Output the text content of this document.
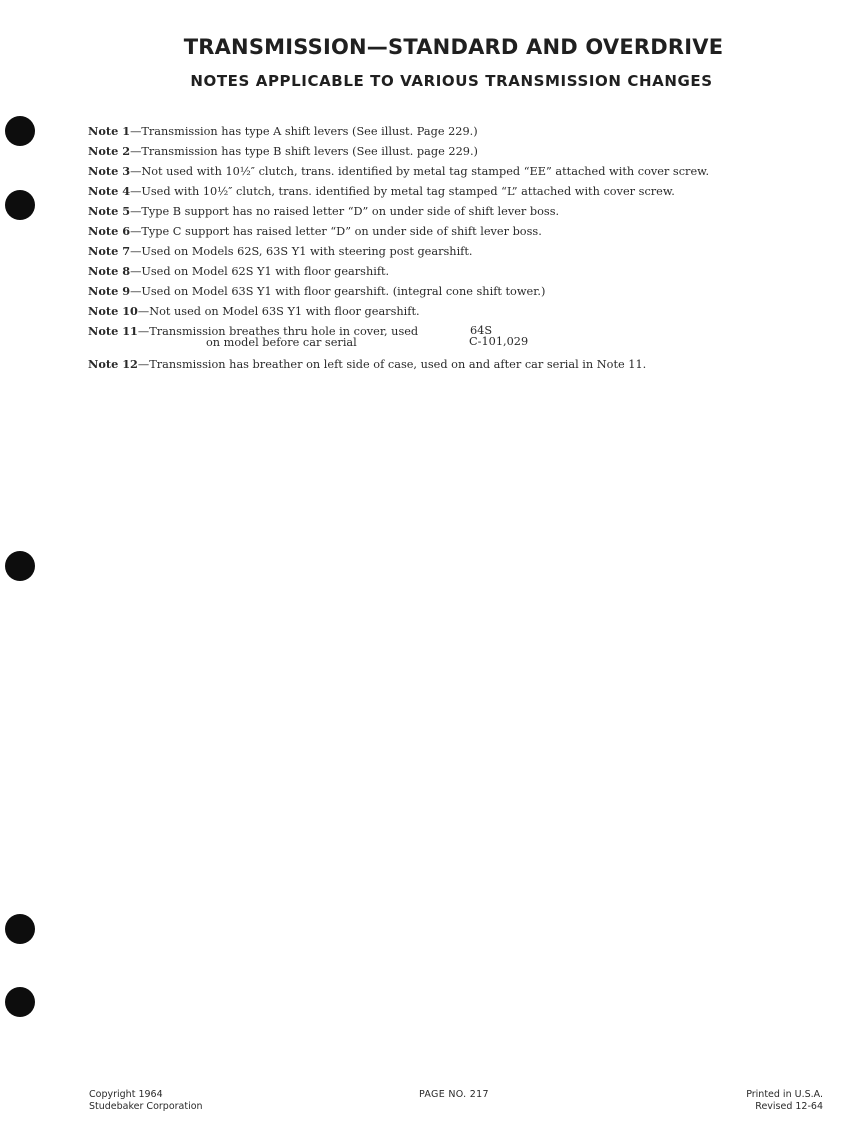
TRANSMISSION—STANDARD AND OVERDRIVE
NOTES APPLICABLE TO VARIOUS TRANSMISSION CHANGES
Note 1—Transmission has type A shift levers (See illust. Page 229.)
Note 2—Transmission has type B shift levers (See illust. page 229.)
Note 3—Not used with 10½″ clutch, trans. identified by metal tag stamped “EE” attached with cover screw.
Note 4—Used with 10½″ clutch, trans. identified by metal tag stamped “L” attached with cover screw.
Note 5—Type B support has no raised letter “D” on under side of shift lever boss.
Note 6—Type C support has raised letter “D” on under side of shift lever boss.
Note 7—Used on Models 62S, 63S Y1 with steering post gearshift.
Note 8—Used on Model 62S Y1 with floor gearshift.
Note 9—Used on Model 63S Y1 with floor gearshift. (integral cone shift tower.)
Note 10—Not used on Model 63S Y1 with floor gearshift.
Note 11—Transmission breathes thru hole in cover, used
on model before car serial
64S
C-101,029
Note 12—Transmission has breather on left side of case, used on and after car serial in Note 11.
Copyright 1964
Studebaker Corporation
PAGE NO. 217	Printed in U.S.A.
Revised 12-64
